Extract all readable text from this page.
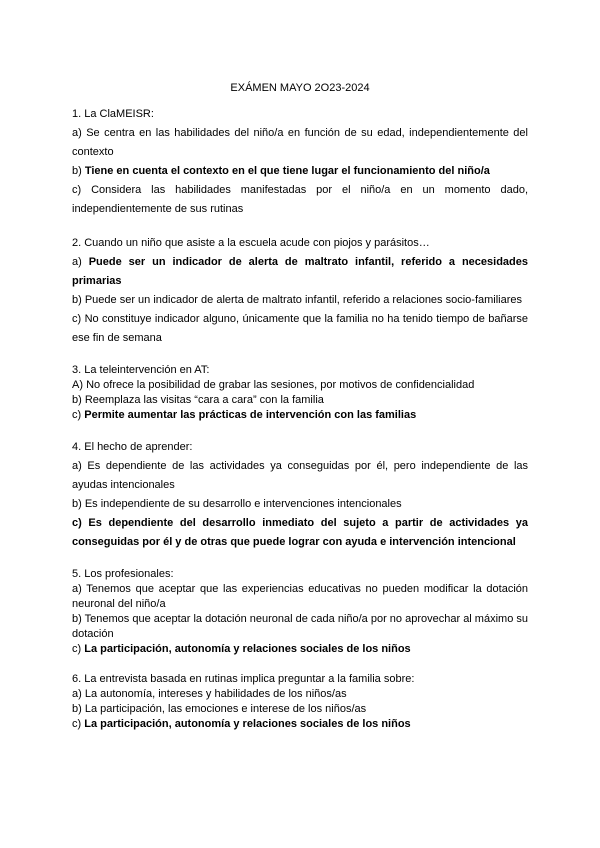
EXÁMEN MAYO 2O23-2024

1. La ClaMEISR:

a) Se centra en las habilidades del niño/a en función de su edad, independientemente del contexto

b) Tiene en cuenta el contexto en el que tiene lugar el funcionamiento del niño/a

c) Considera las habilidades manifestadas por el niño/a en un momento dado, independientemente de sus rutinas

2. Cuando un niño que asiste a la escuela acude con piojos y parásitos…

a) Puede ser un indicador de alerta de maltrato infantil, referido a necesidades primarias

b) Puede ser un indicador de alerta de maltrato infantil, referido a relaciones socio-familiares

c) No constituye indicador alguno, únicamente que la familia no ha tenido tiempo de bañarse ese fin de semana

3. La teleintervención en AT:

A) No ofrece la posibilidad de grabar las sesiones, por motivos de confidencialidad

b) Reemplaza las visitas “cara a cara” con la familia

c) Permite aumentar las prácticas de intervención con las familias

4. El hecho de aprender:

a) Es dependiente de las actividades ya conseguidas por él, pero independiente de las ayudas intencionales

b) Es independiente de su desarrollo e intervenciones intencionales

c) Es dependiente del desarrollo inmediato del sujeto a partir de actividades ya conseguidas por él y de otras que puede lograr con ayuda e intervención intencional

5. Los profesionales:

a) Tenemos que aceptar que las experiencias educativas no pueden modificar la dotación neuronal del niño/a

b) Tenemos que aceptar la dotación neuronal de cada niño/a por no aprovechar al máximo su dotación

c) La participación, autonomía y relaciones sociales de los niños

6. La entrevista basada en rutinas implica preguntar a la familia sobre:

a) La autonomía, intereses y habilidades de los niños/as

b) La participación, las emociones e interese de los niños/as

c) La participación, autonomía y relaciones sociales de los niños
